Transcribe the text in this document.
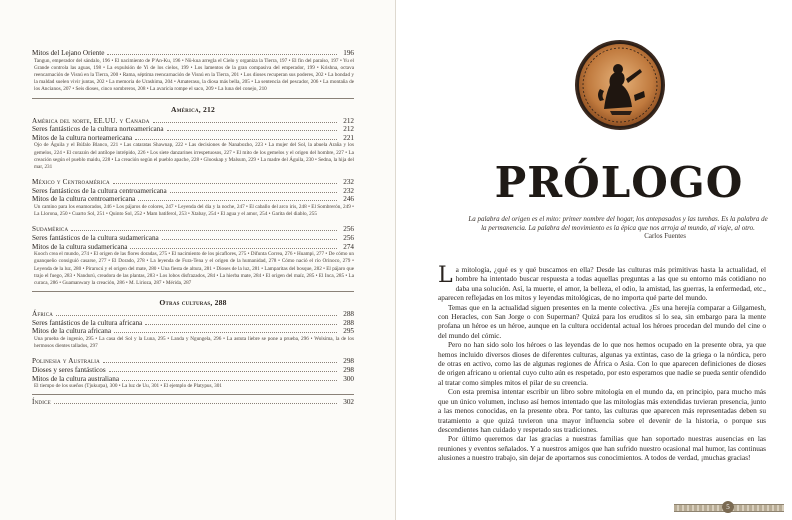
Mitos del Lejano Oriente	196
Tangun, emperador del sándalo, 196 • El nacimiento de P'An-Ku, 196 • Nü-kua arregla el Cielo y organiza la Tierra, 197 • El fin del paraíso, 197 • Yu el Grande controla las aguas, 198 • La expulsión de Yi de los cielos, 199 • Los lamentos de la gran compasiva del emperador, 199 • Krishna, octava reencarnación de Visnú en la Tierra, 200 • Rama, séptima reencarnación de Visnú en la Tierra, 201 • Los dioses recuperan sus poderes, 202 • La bondad y la maldad suelen vivir juntas, 202 • La memoria de Urashima, 204 • Amaterasu, la diosa más bella, 205 • La sentencia del pescador, 206 • La montaña de los Ancianos, 207 • Seis dioses, cinco sombreros, 208 • La avaricia rompe el saco, 209 • La luna del conejo, 210
América, 212
América del norte, EE.UU. y Canada	212
Seres fantásticos de la cultura norteamericana	212
Mitos de la cultura norteamericana	221
Ojo de Águila y el Búfalo Blanco, 221 • Las cataratas Shawnap, 222 • Las decisiones de Nanabozho, 223 • La mujer del Sol, la abuela Araña y los gemelos, 224 • El corazón del antílope intrépido, 226 • Los siete danzarines irrespetuosos, 227 • El mito de los gemelos y el origen del hombre, 227 • La creación según el pueblo maidu, 228 • La creación según el pueblo apache, 228 • Glooskap y Malsum, 229 • La madre del Águila, 230 • Sedna, la hija del mar, 231
México y Centroamérica	232
Seres fantásticos de la cultura centroamericana	232
Mitos de la cultura centroamericana	246
Un camino para los enamorados, 246 • Los pájaros de colores, 247 • Leyenda del día y la noche, 247 • El caballo del arco iris, 248 • El Sombrerón, 249 • La Llorona, 250 • Cuarto Sol, 251 • Quinto Sol, 252 • Mam batiferol, 253 • Xtabay, 254 • El agua y el amor, 254 • Garita del diablo, 255
Sudamérica	256
Seres fantásticos de la cultura sudamericana	256
Mitos de la cultura sudamericana	274
Kooch crea el mundo, 274 • El origen de las flores doradas, 275 • El nacimiento de los picaflores, 275 • Difunta Correa, 276 • Huampi, 277 • De cómo un guanqueño consiguió casarse, 277 • El Dorado, 278 • La leyenda de Fura-Tena y el origen de la humanidad, 278 • Cómo nació el río Orinoco, 279 • Leyenda de la luz, 280 • Pirarucú y el origen del mate, 280 • Una fiesta de altura, 281 • Dioses de la luz, 281 • Lamparitas del bosque, 282 • El pájaro que trajo el fuego, 283 • Nandurú, creadora de las plantas, 283 • Los lobos disfrazados, 284 • La hierba mate, 284 • El origen del maíz, 285 • El Inca, 285 • La curaca, 286 • Guamanwary la creación, 286 • M. Lirioza, 287 • Mérida, 287
Otras culturas, 288
África	288
Seres fantásticos de la cultura africana	288
Mitos de la cultura africana	295
Una prueba de ingenio, 295 • La casa del Sol y la Luna, 295 • Landa y Ngungela, 296 • La astuta liebre se pone a prueba, 296 • Wolsima, la de los hermosos dientes tallados, 297
Polinesia y Australia	298
Dioses y seres fantásticos	298
Mitos de la cultura australiana	300
El tiempo de los sueños (Tjukurpa), 300 • La luz de Uu, 301 • El ejemplo de Platypus, 301
Índice	302
PRÓLOGO
La palabra del origen es el mito: primer nombre del hogar, los antepasados y las tumbas. Es la palabra de la permanencia. La palabra del movimiento es la épica que nos arroja al mundo, al viaje, al otro.
Carlos Fuentes

La mitología, ¿qué es y qué buscamos en ella? Desde las culturas más primitivas hasta la actualidad, el hombre ha intentado buscar respuesta a todas aquellas preguntas a las que su entorno más cotidiano no daba una solución. Así, la muerte, el amor, la belleza, el odio, la amistad, las guerras, la enfermedad, etc., aparecen reflejadas en los mitos y leyendas mitológicas, de no importa qué parte del mundo.

Temas que en la actualidad siguen presentes en la mente colectiva. ¿Es una herejía comparar a Gilgamesh, con Heracles, con San Jorge o con Superman? Quizá para los eruditos sí lo sea, sin embargo para la mente profana un héroe es un héroe, aunque en la cultura occidental actual los héroes procedan del mundo del cine o del mundo del cómic.

Pero no han sido solo los héroes o las leyendas de lo que nos hemos ocupado en la presente obra, ya que hemos incluido diversos dioses de diferentes culturas, algunas ya extintas, caso de la griega o la nórdica, pero de otras en activo, como las de algunas regiones de África o Asia. Con lo que aparecen definiciones de dioses de origen africano u oriental cuyo culto aún es respetado, por esto esperamos que nadie se pueda sentir ofendido al tratar como simples mitos el pilar de su creencia.

Con esta premisa intentar escribir un libro sobre mitología en el mundo da, en principio, para mucho más que un único volumen, incluso así hemos intentado que las mitologías más extendidas tuvieran presencia, junto a las menos conocidas, en la presente obra. Por tanto, las culturas que aparecen más representadas deben su tratamiento a que quizá tuvieron una mayor influencia sobre el devenir de la historia, o porque sus descendientes han cuidado y respetado sus tradiciones.

Por último queremos dar las gracias a nuestras familias que han soportado nuestras ausencias en las reuniones y eventos señalados. Y a nuestros amigos que han sufrido nuestro ocasional mal humor, las continuas alusiones a nuestro trabajo, sin dejar de aportarnos sus conocimientos. A todos de verdad, ¡muchas gracias!

5
